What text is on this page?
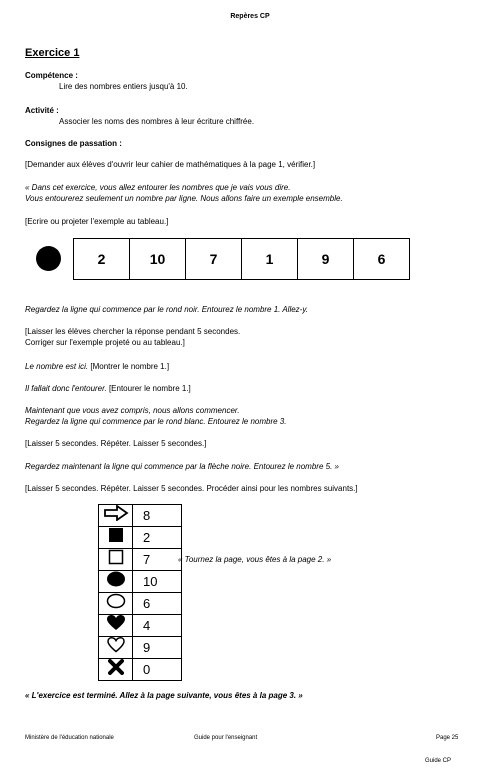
Repères CP
Exercice 1
Compétence :
Lire des nombres entiers jusqu'à 10.
Activité :
Associer les noms des nombres à leur écriture chiffrée.
Consignes de passation :
[Demander aux élèves d'ouvrir leur cahier de mathématiques à la page 1, vérifier.]
« Dans cet exercice, vous allez entourer les nombres que je vais vous dire.
Vous entourerez seulement un nombre par ligne. Nous allons faire un exemple ensemble.
[Ecrire ou projeter l'exemple au tableau.]
2	10	7	1	9	6
Regardez la ligne qui commence par le rond noir. Entourez le nombre 1. Allez-y.
[Laisser les élèves chercher la réponse pendant 5 secondes.
Corriger sur l'exemple projeté ou au tableau.]
Le nombre est ici. [Montrer le nombre 1.]
Il fallait donc l'entourer. [Entourer le nombre 1.]
Maintenant que vous avez compris, nous allons commencer.
Regardez la ligne qui commence par le rond blanc. Entourez le nombre 3.
[Laisser 5 secondes. Répéter. Laisser 5 secondes.]
Regardez maintenant la ligne qui commence par la flèche noire. Entourez le nombre 5. »
[Laisser 5 secondes. Répéter. Laisser 5 secondes. Procéder ainsi pour les nombres suivants.]
	8
	2
	7
	10
	6
	4
	9
	0
« Tournez la page, vous êtes à la page 2. »
« L'exercice est terminé. Allez à la page suivante, vous êtes à la page 3. »
Ministère de l'éducation nationale	Guide pour l'enseignant	Page 25
Guide CP
